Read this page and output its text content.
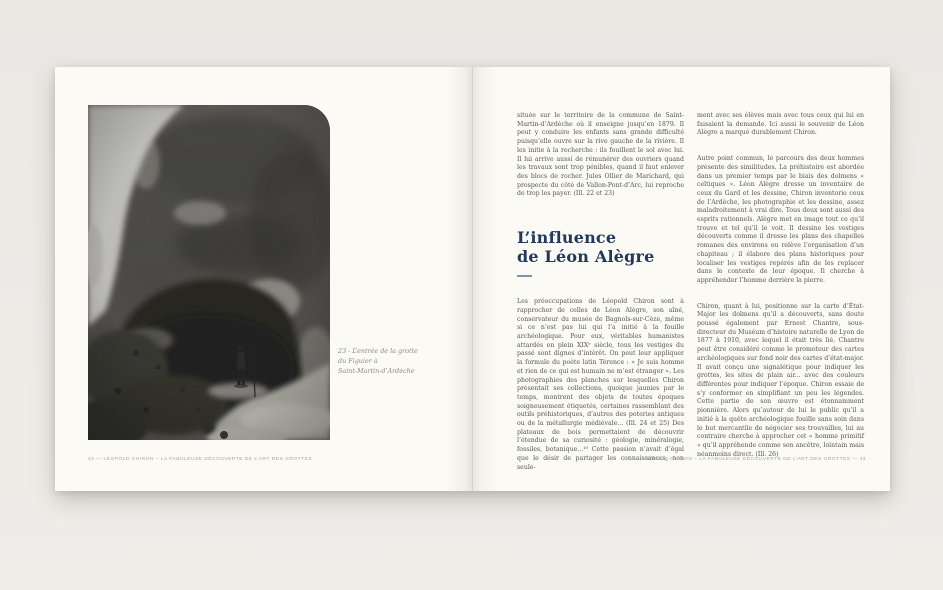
23 - L’entrée de la grotte
du Figuier à
Saint-Martin-d’Ardèche
42 — LÉOPOLD CHIRON – LA FABULEUSE DÉCOUVERTE DE L’ART DES GROTTES

située sur le territoire de la commune de Saint-Martin-d’Ardèche où il enseigne jusqu’en 1879. Il peut y conduire les enfants sans grande difficulté puisqu’elle ouvre sur la rive gauche de la rivière. Il les initie à la recherche : ils fouillent le sol avec lui. Il lui arrive aussi de rémunérer des ouvriers quand les travaux sont trop pénibles, quand il faut enlever des blocs de rocher. Jules Ollier de Marichard, qui prospecte du côté de Vallon-Pont-d’Arc, lui reproche de trop les payer. (Ill. 22 et 23)

L’influence
de Léon Alègre

Les préoccupations de Léopold Chiron sont à rapprocher de celles de Léon Alègre, son aîné, conservateur du musée de Bagnols-sur-Cèze, même si ce n’est pas lui qui l’a initié à la fouille archéologique. Pour eux, véritables humanistes attardés en plein XIXᵉ siècle, tous les vestiges du passé sont dignes d’intérêt. On peut leur appliquer la formule du poète latin Térence : « Je suis homme et rien de ce qui est humain ne m’est étranger ». Les photographies des planches sur lesquelles Chiron présentait ses collections, quoique jaunies par le temps, montrent des objets de toutes époques soigneusement étiquetés, certaines rassemblant des outils préhistoriques, d’autres des poteries antiques ou de la métallurgie médiévale... (Ill. 24 et 25) Des plateaux de bois permettaient de découvrir l’étendue de sa curiosité : géologie, minéralogie, fossiles, botanique...¹⁰ Cette passion n’avait d’égal que le désir de partager les connaissances, non seule-

ment avec ses élèves mais avec tous ceux qui lui en faisaient la demande. Ici aussi le souvenir de Léon Alègre a marqué durablement Chiron.

Autre point commun, le parcours des deux hommes présente des similitudes. La préhistoire est abordée dans un premier temps par le biais des dolmens « celtiques ». Léon Alègre dresse un inventaire de ceux du Gard et les dessine, Chiron inventorie ceux de l’Ardèche, les photographie et les dessine, assez maladroitement à vrai dire. Tous deux sont aussi des esprits rationnels. Alègre met en image tout ce qu’il trouve et tel qu’il le voit. Il dessine les vestiges découverts comme il dresse les plans des chapelles romanes des environs ou relève l’organisation d’un chapiteau ; il élabore des plans historiques pour localiser les vestiges repérés afin de les replacer dans le contexte de leur époque. Il cherche à appréhender l’homme derrière la pierre.

Chiron, quant à lui, positionne sur la carte d’État-Major les dolmens qu’il a découverts, sans doute poussé également par Ernest Chantre, sous-directeur du Muséum d’histoire naturelle de Lyon de 1877 à 1910, avec lequel il était très lié. Chantre peut être considéré comme le promoteur des cartes archéologiques sur fond noir des cartes d’état-major. Il avait conçu une signalétique pour indiquer les grottes, les sites de plain air... avec des couleurs différentes pour indiquer l’époque. Chiron essaie de s’y conformer en simplifiant un peu les légendes. Cette partie de son œuvre est étonnamment pionnière. Alors qu’autour de lui le public qu’il a initié à la quête archéologique fouille sans soin dans le but mercantile de négocier ses trouvailles, lui au contraire cherche à approcher cet « homme primitif » qu’il appréhende comme son ancêtre, lointain mais néanmoins direct. (Ill. 26)

LÉOPOLD CHIRON – LA FABULEUSE DÉCOUVERTE DE L’ART DES GROTTES — 43
